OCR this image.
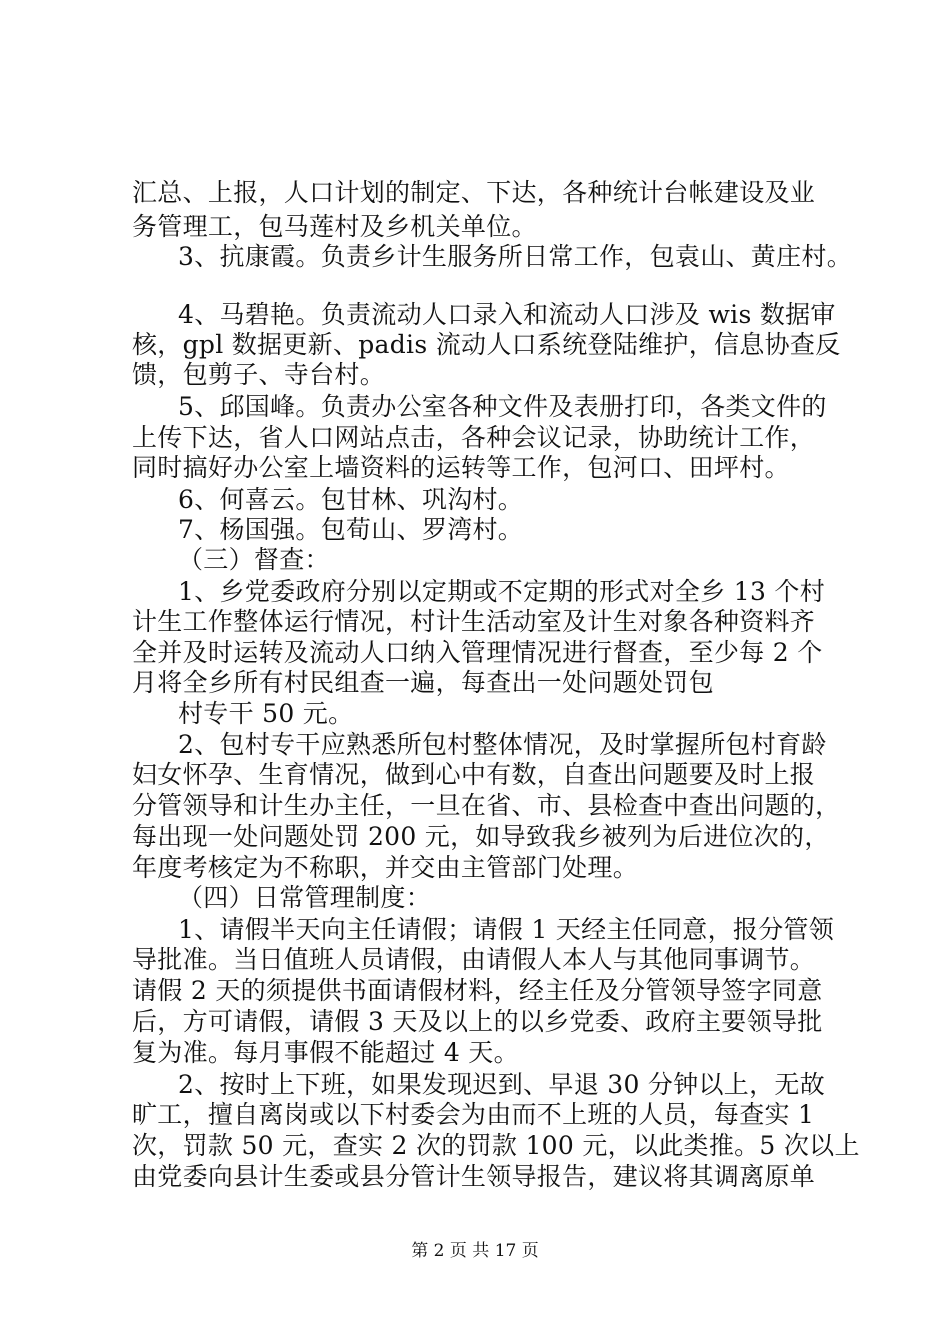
汇总、上报，人口计划的制定、下达，各种统计台帐建设及业
务管理工，包马莲村及乡机关单位。
3、抗康霞。负责乡计生服务所日常工作，包袁山、黄庄村。
4、马碧艳。负责流动人口录入和流动人口涉及 wis 数据审
核，gpl 数据更新、padis 流动人口系统登陆维护，信息协查反
馈，包剪子、寺台村。
5、邱国峰。负责办公室各种文件及表册打印，各类文件的
上传下达，省人口网站点击，各种会议记录，协助统计工作，
同时搞好办公室上墙资料的运转等工作，包河口、田坪村。
6、何喜云。包甘林、巩沟村。
7、杨国强。包荀山、罗湾村。
（三）督查：
1、乡党委政府分别以定期或不定期的形式对全乡 13 个村
计生工作整体运行情况，村计生活动室及计生对象各种资料齐
全并及时运转及流动人口纳入管理情况进行督查，至少每 2 个
月将全乡所有村民组查一遍，每查出一处问题处罚包
村专干 50 元。
2、包村专干应熟悉所包村整体情况，及时掌握所包村育龄
妇女怀孕、生育情况，做到心中有数，自查出问题要及时上报
分管领导和计生办主任，一旦在省、市、县检查中查出问题的，
每出现一处问题处罚 200 元，如导致我乡被列为后进位次的，
年度考核定为不称职，并交由主管部门处理。
（四）日常管理制度：
1、请假半天向主任请假；请假 1 天经主任同意，报分管领
导批准。当日值班人员请假，由请假人本人与其他同事调节。
请假 2 天的须提供书面请假材料，经主任及分管领导签字同意
后，方可请假，请假 3 天及以上的以乡党委、政府主要领导批
复为准。每月事假不能超过 4 天。
2、按时上下班，如果发现迟到、早退 30 分钟以上，无故
旷工，擅自离岗或以下村委会为由而不上班的人员，每查实 1
次，罚款 50 元，查实 2 次的罚款 100 元，以此类推。5 次以上
由党委向县计生委或县分管计生领导报告，建议将其调离原单
第 2 页 共 17 页
